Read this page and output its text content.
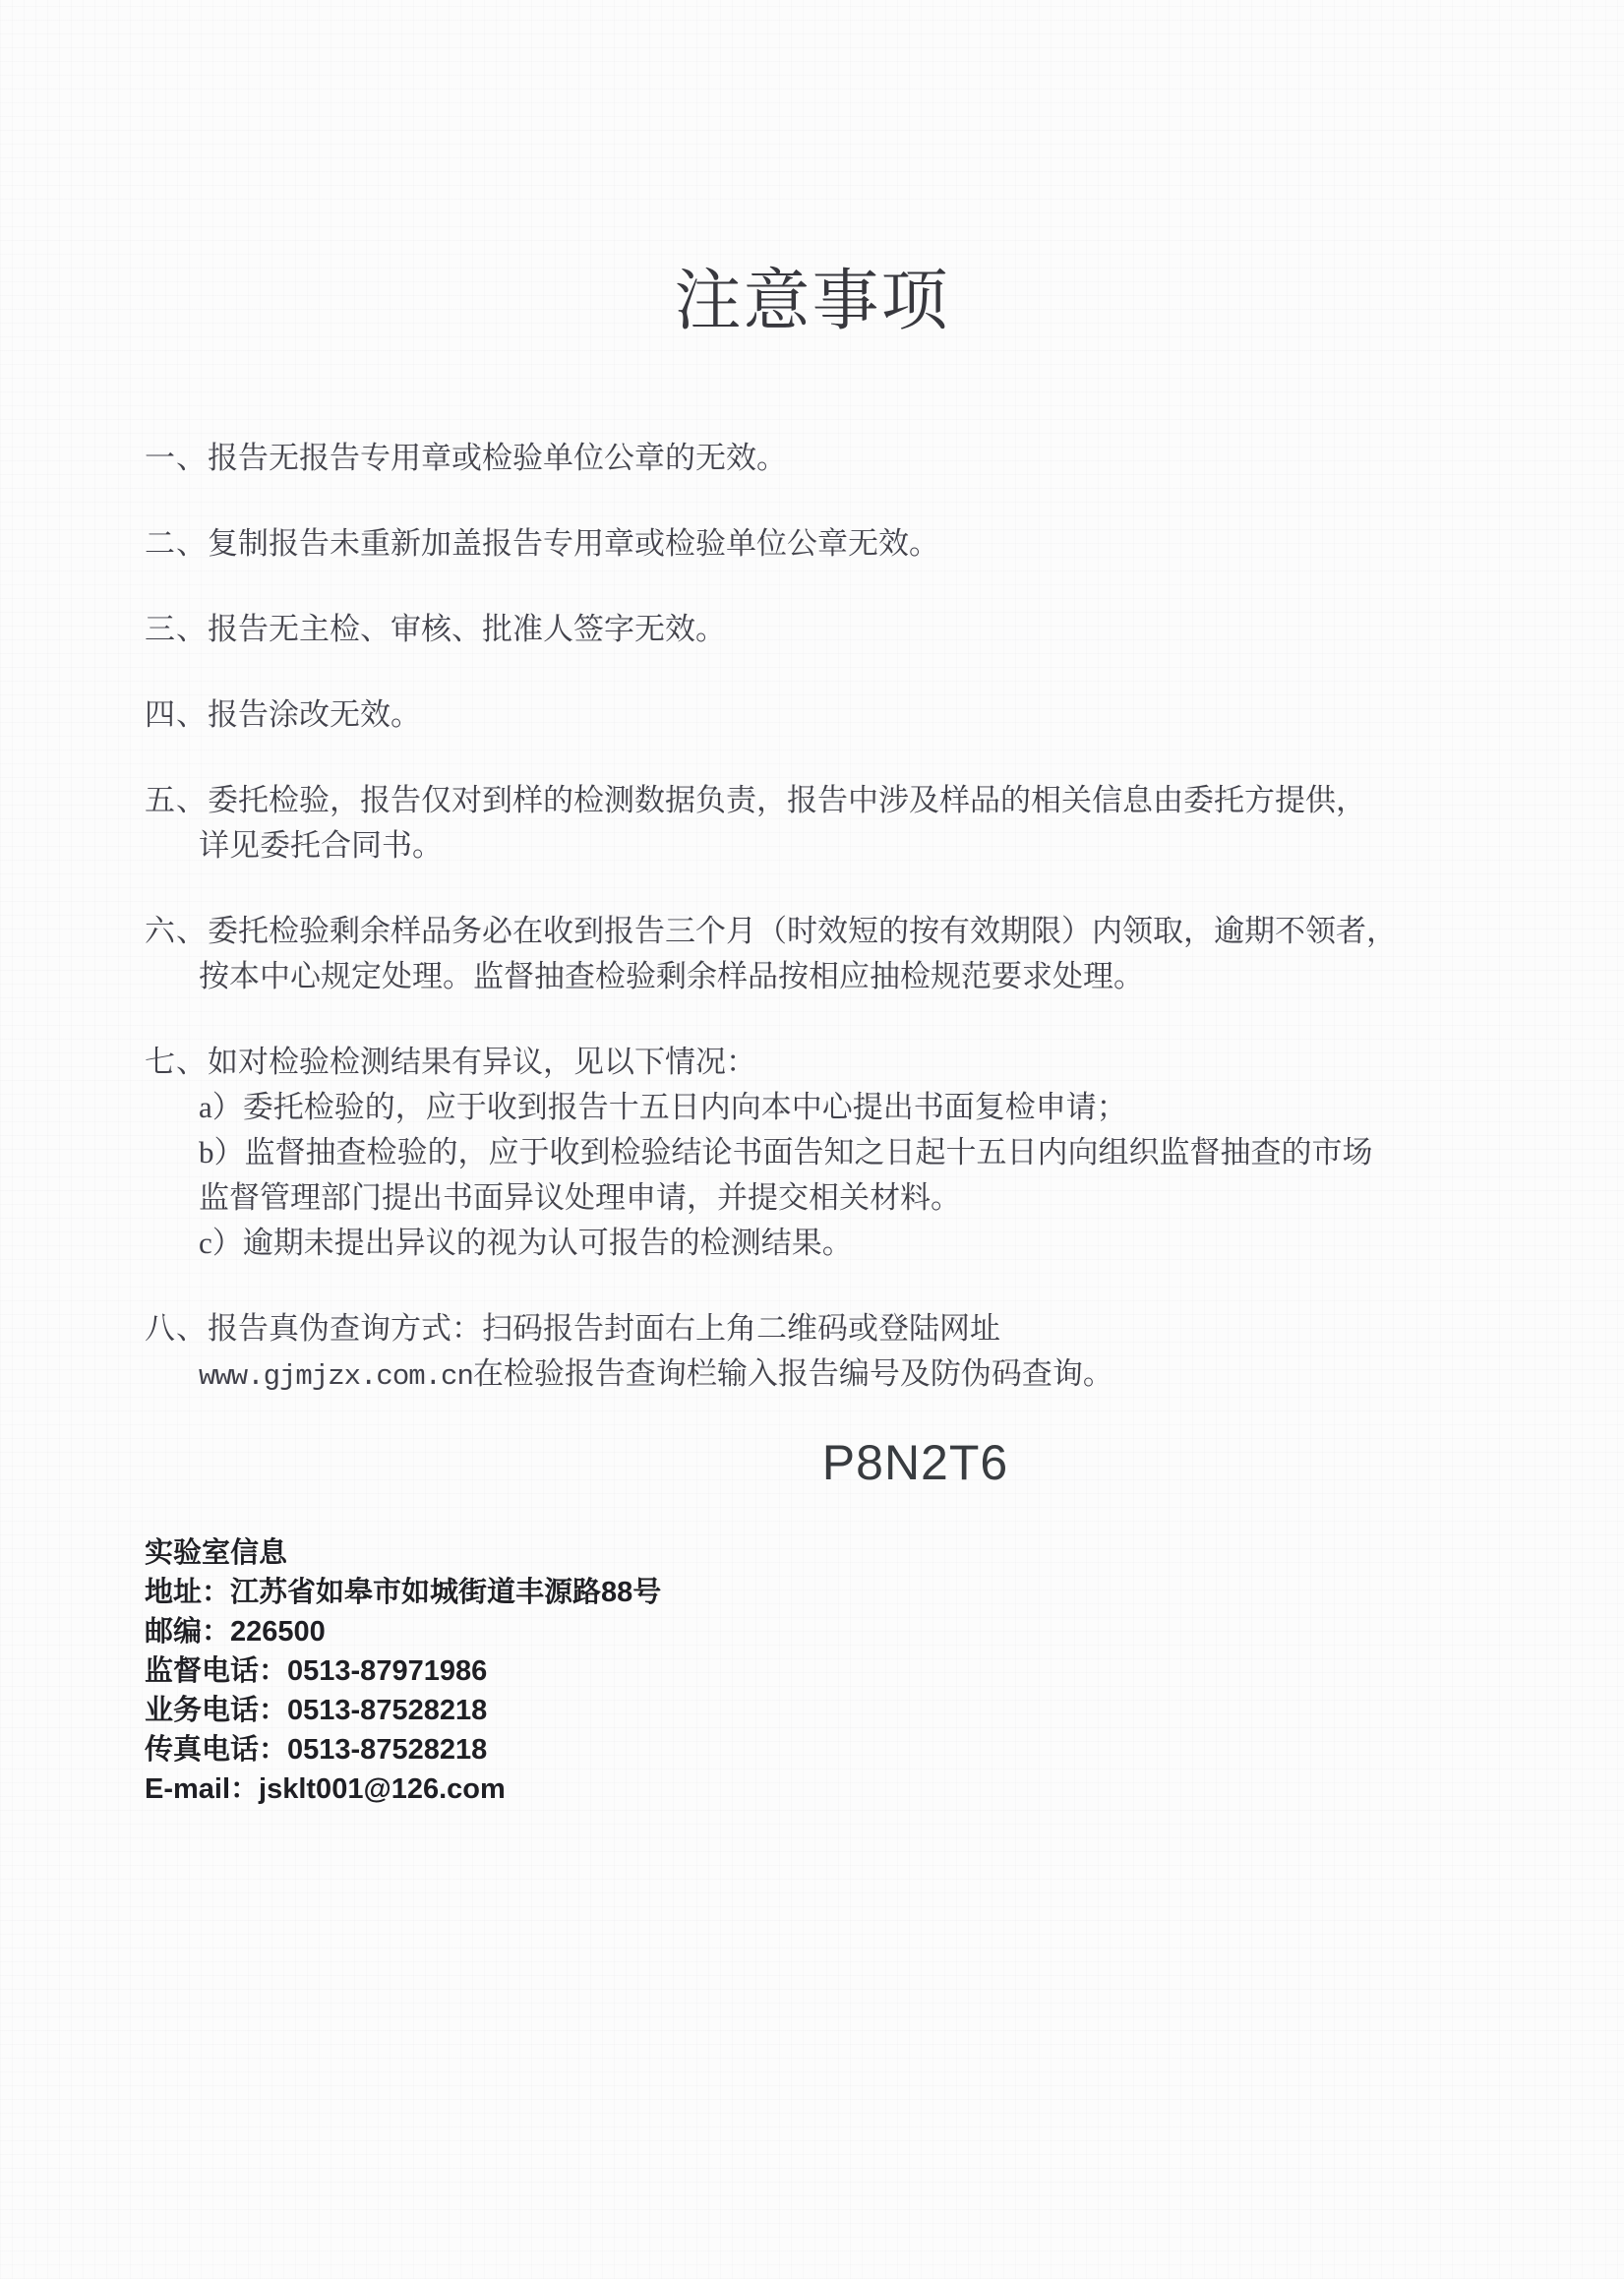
注意事项
一、报告无报告专用章或检验单位公章的无效。
二、复制报告未重新加盖报告专用章或检验单位公章无效。
三、报告无主检、审核、批准人签字无效。
四、报告涂改无效。
五、委托检验，报告仅对到样的检测数据负责，报告中涉及样品的相关信息由委托方提供，
详见委托合同书。
六、委托检验剩余样品务必在收到报告三个月（时效短的按有效期限）内领取，逾期不领者，
按本中心规定处理。监督抽查检验剩余样品按相应抽检规范要求处理。
七、如对检验检测结果有异议，见以下情况：
a）委托检验的，应于收到报告十五日内向本中心提出书面复检申请；
b）监督抽查检验的，应于收到检验结论书面告知之日起十五日内向组织监督抽查的市场
监督管理部门提出书面异议处理申请，并提交相关材料。
c）逾期未提出异议的视为认可报告的检测结果。
八、报告真伪查询方式：扫码报告封面右上角二维码或登陆网址
www.gjmjzx.com.cn在检验报告查询栏输入报告编号及防伪码查询。
P8N2T6
实验室信息
地址：江苏省如皋市如城街道丰源路88号
邮编：226500
监督电话：0513-87971986
业务电话：0513-87528218
传真电话：0513-87528218
E-mail：jsklt001@126.com
